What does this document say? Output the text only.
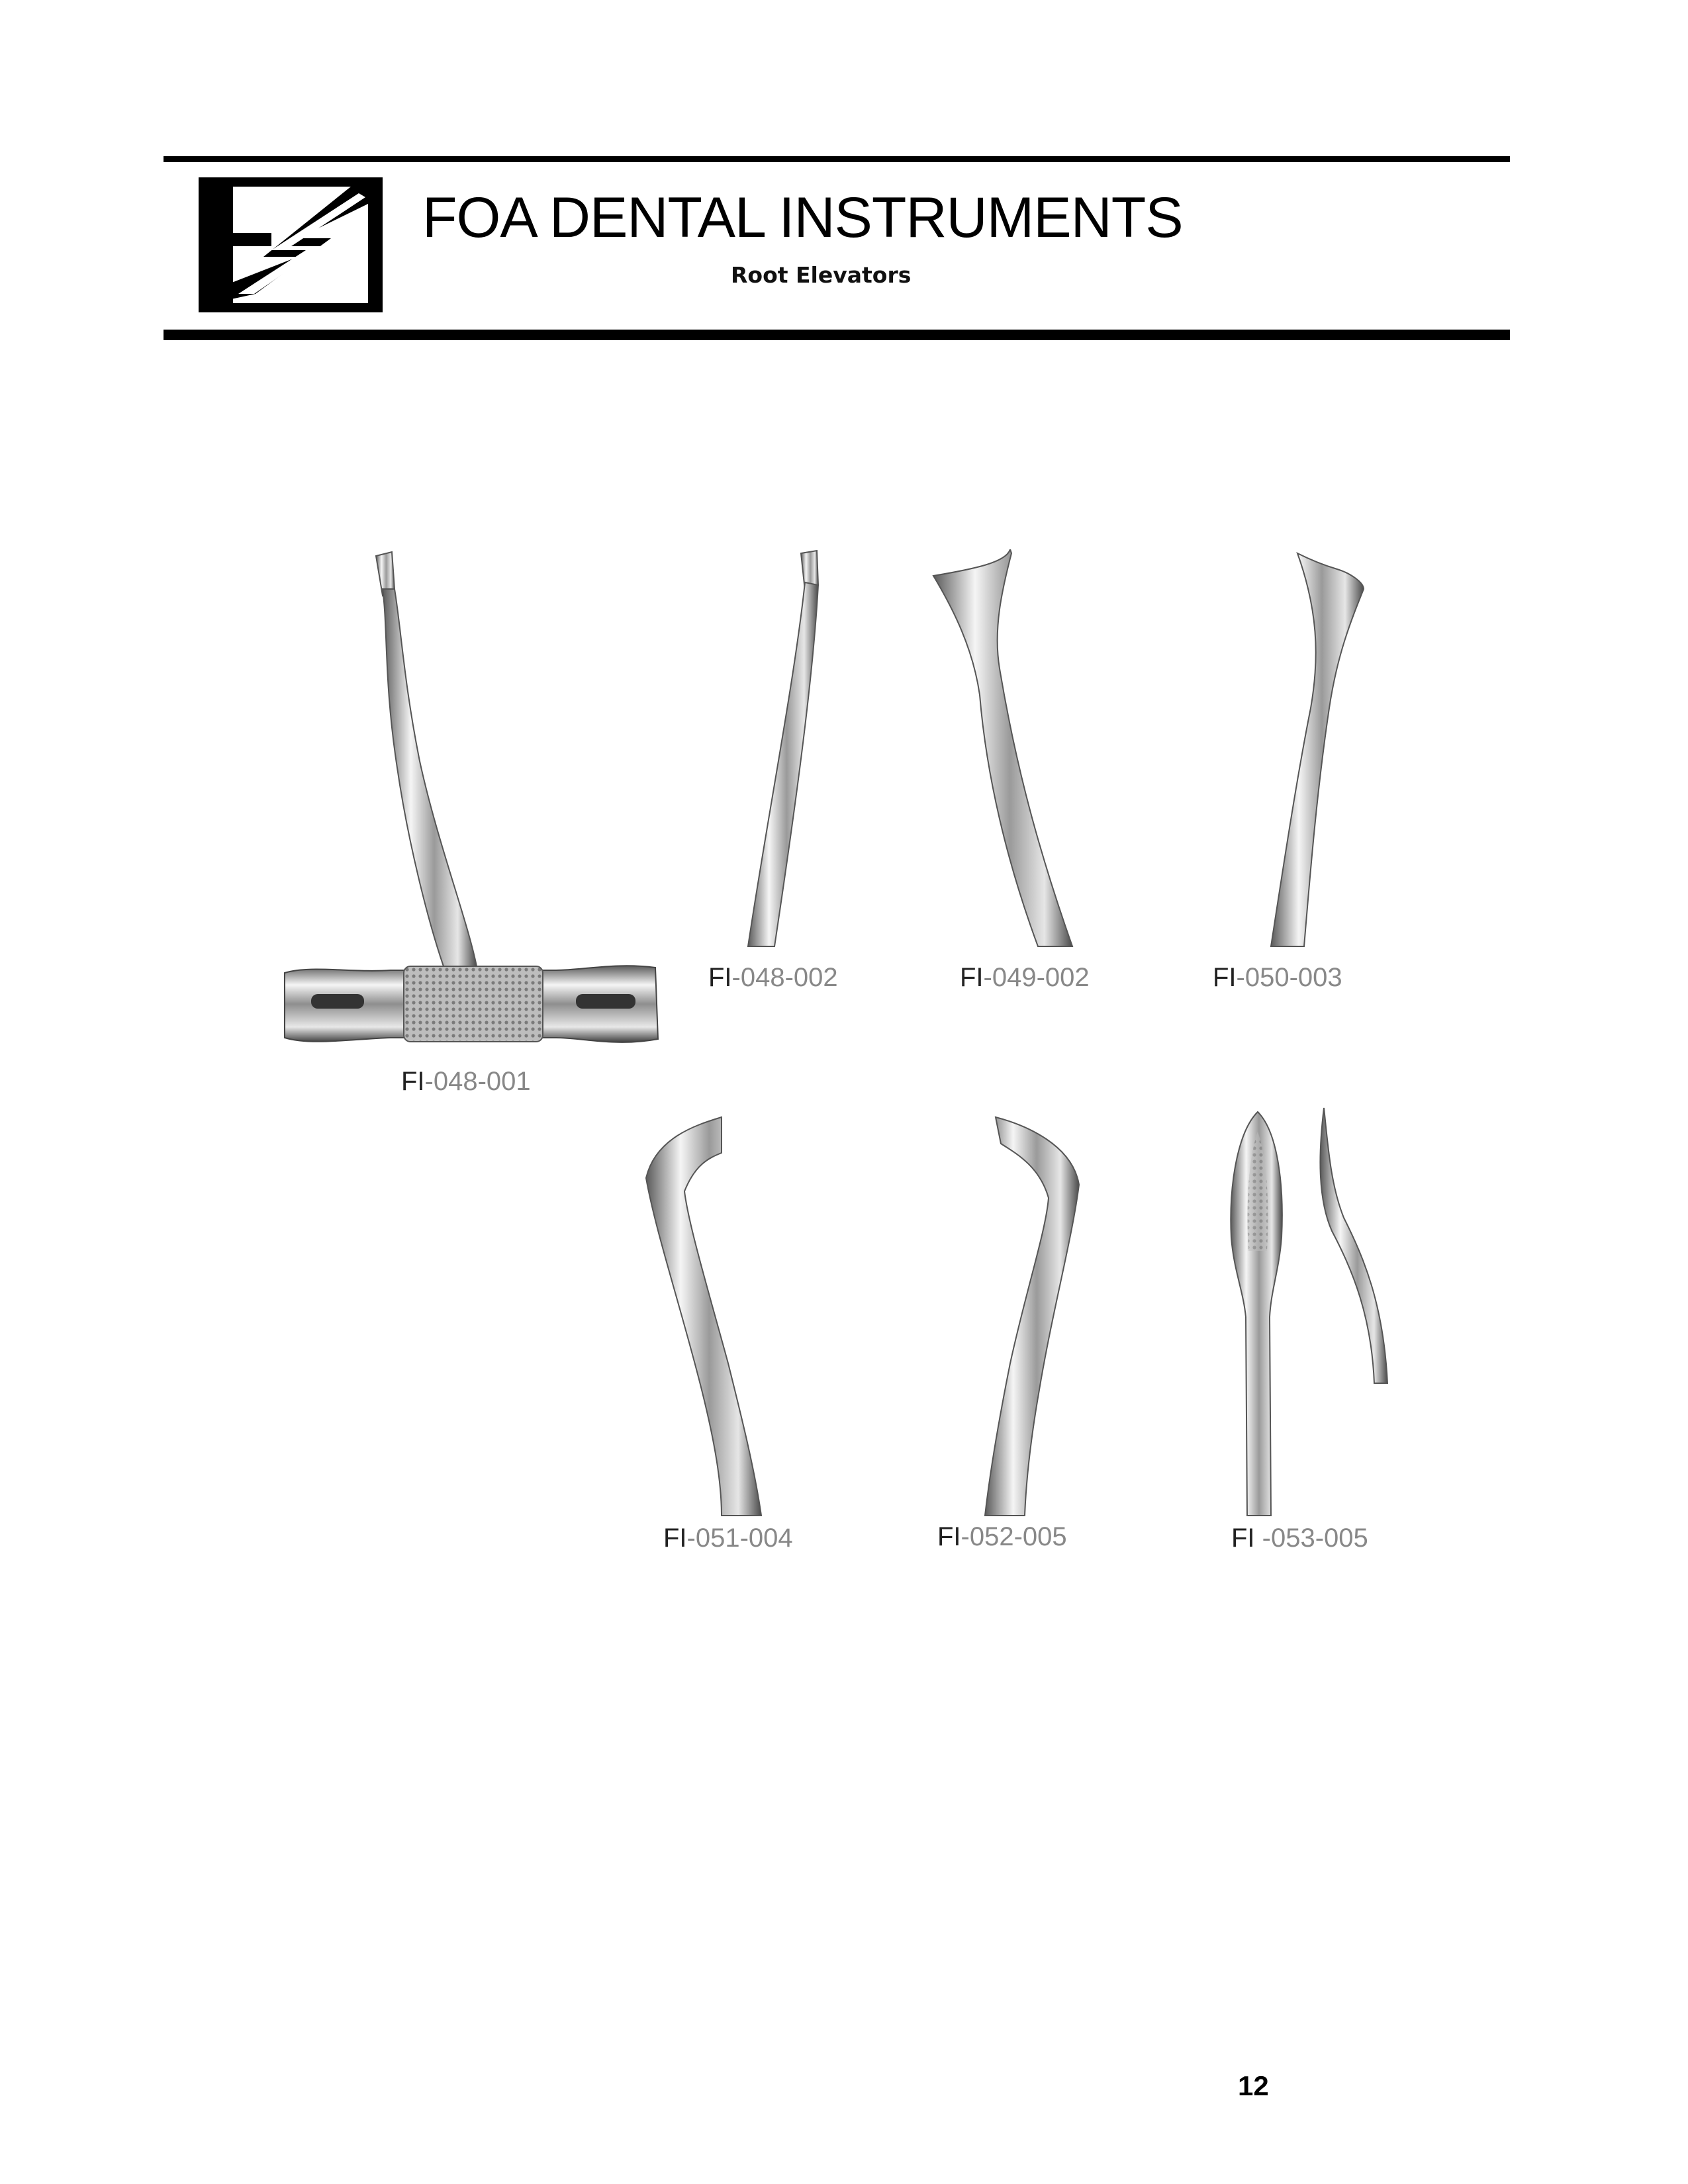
FOA DENTAL INSTRUMENTS
Root Elevators
FI-048-001
FI-048-002	FI-049-002	FI-050-003
FI-051-004	FI-052-005	FI -053-005
12
